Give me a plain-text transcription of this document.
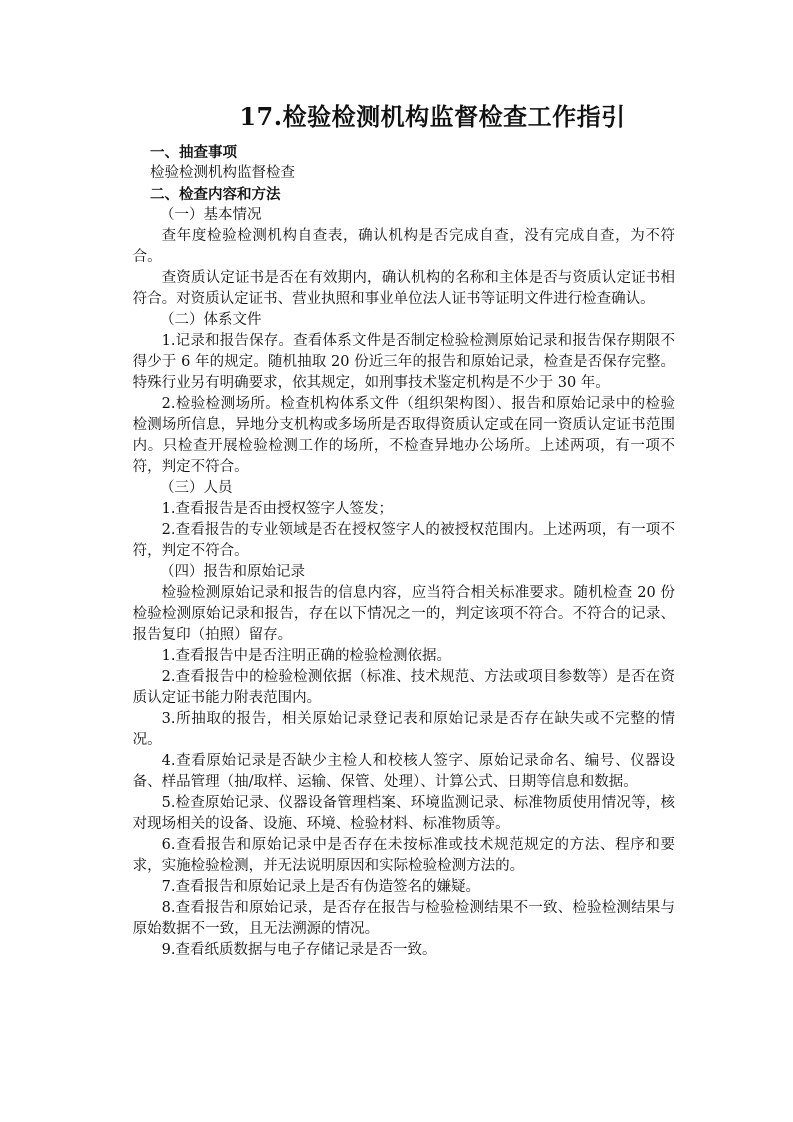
17.检验检测机构监督检查工作指引

一、抽查事项

检验检测机构监督检查

二、检查内容和方法

（一）基本情况

查年度检验检测机构自查表，确认机构是否完成自查，没有完成自查，为不符合。

查资质认定证书是否在有效期内，确认机构的名称和主体是否与资质认定证书相符合。对资质认定证书、营业执照和事业单位法人证书等证明文件进行检查确认。

（二）体系文件

1.记录和报告保存。查看体系文件是否制定检验检测原始记录和报告保存期限不得少于 6 年的规定。随机抽取 20 份近三年的报告和原始记录，检查是否保存完整。特殊行业另有明确要求，依其规定，如刑事技术鉴定机构是不少于 30 年。

2.检验检测场所。检查机构体系文件（组织架构图）、报告和原始记录中的检验检测场所信息，异地分支机构或多场所是否取得资质认定或在同一资质认定证书范围内。只检查开展检验检测工作的场所，不检查异地办公场所。上述两项，有一项不符，判定不符合。

（三）人员

1.查看报告是否由授权签字人签发；

2.查看报告的专业领域是否在授权签字人的被授权范围内。上述两项，有一项不符，判定不符合。

（四）报告和原始记录

检验检测原始记录和报告的信息内容，应当符合相关标准要求。随机检查 20 份检验检测原始记录和报告，存在以下情况之一的，判定该项不符合。不符合的记录、报告复印（拍照）留存。

1.查看报告中是否注明正确的检验检测依据。

2.查看报告中的检验检测依据（标准、技术规范、方法或项目参数等）是否在资质认定证书能力附表范围内。

3.所抽取的报告，相关原始记录登记表和原始记录是否存在缺失或不完整的情况。

4.查看原始记录是否缺少主检人和校核人签字、原始记录命名、编号、仪器设备、样品管理（抽/取样、运输、保管、处理）、计算公式、日期等信息和数据。

5.检查原始记录、仪器设备管理档案、环境监测记录、标准物质使用情况等，核对现场相关的设备、设施、环境、检验材料、标准物质等。

6.查看报告和原始记录中是否存在未按标准或技术规范规定的方法、程序和要求，实施检验检测，并无法说明原因和实际检验检测方法的。

7.查看报告和原始记录上是否有伪造签名的嫌疑。

8.查看报告和原始记录，是否存在报告与检验检测结果不一致、检验检测结果与原始数据不一致，且无法溯源的情况。

9.查看纸质数据与电子存储记录是否一致。
